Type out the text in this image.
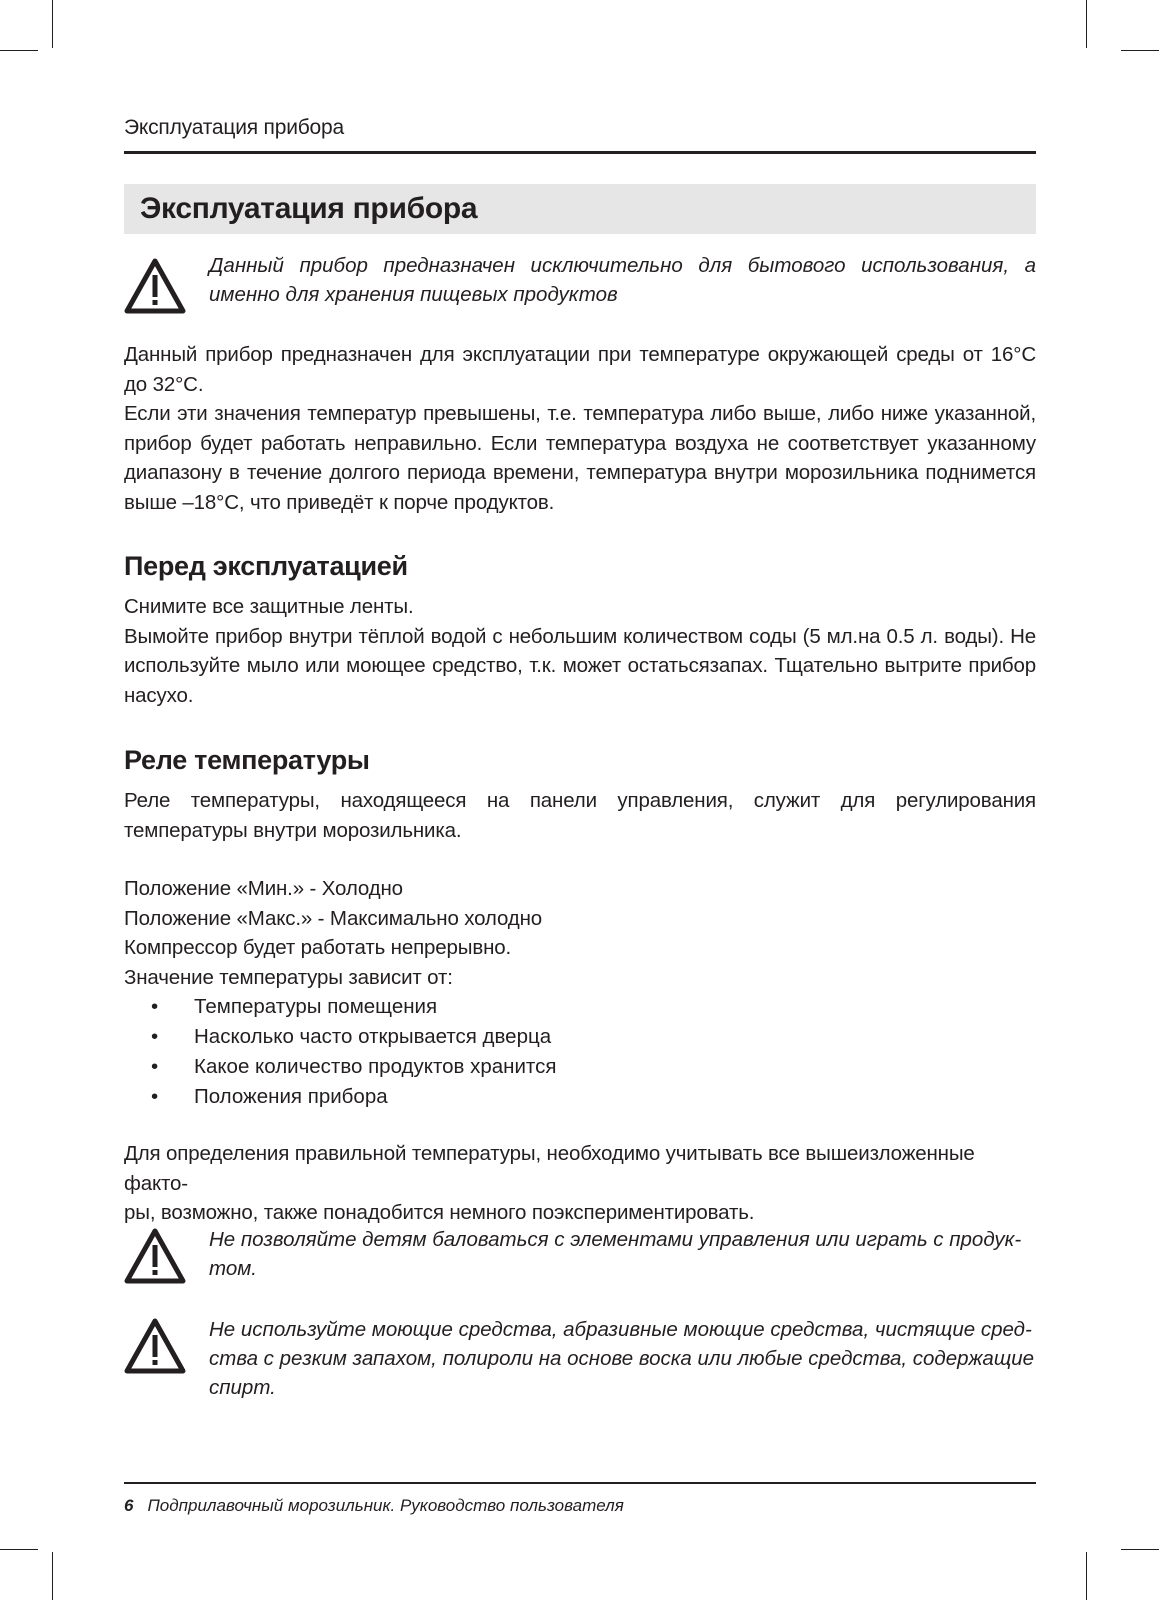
Эксплуатация прибора
Эксплуатация прибора
Данный прибор предназначен исключительно для бытового использования, а именно для хранения пищевых продуктов

Данный прибор предназначен для эксплуатации при температуре окружающей среды от 16°C до 32°C.

Если эти значения температур превышены, т.е. температура либо выше, либо ниже указанной, прибор будет работать неправильно. Если температура воздуха не соответствует указанному диапазону в течение долгого периода времени, температура внутри морозильника поднимется выше –18°C, что приведёт к порче продуктов.

Перед эксплуатацией

Снимите все защитные ленты.

Вымойте прибор внутри тёплой водой с небольшим количеством соды (5 мл.на 0.5 л. воды). Не используйте мыло или моющее средство, т.к. может остатьсязапах. Тщательно вытрите прибор насухо.

Реле температуры

Реле температуры, находящееся на панели управления, служит для регулирования температуры внутри морозильника.

Положение «Мин.» - Холодно
Положение «Макс.» - Максимально холодно
Компрессор будет работать непрерывно.
Значение температуры зависит от:
• Температуры помещения
• Насколько часто открывается дверца
• Какое количество продуктов хранится
• Положения прибора
Для определения правильной температуры, необходимо учитывать все вышеизложенные факто-
ры, возможно, также понадобится немного поэкспериментировать.
Не позволяйте детям баловаться с элементами управления или играть с продук-
том.
Не используйте моющие средства, абразивные моющие средства, чистящие сред-
ства с резким запахом, полироли на основе воска или любые средства, содержащие
спирт.
6 Подприлавочный морозильник. Руководство пользователя
